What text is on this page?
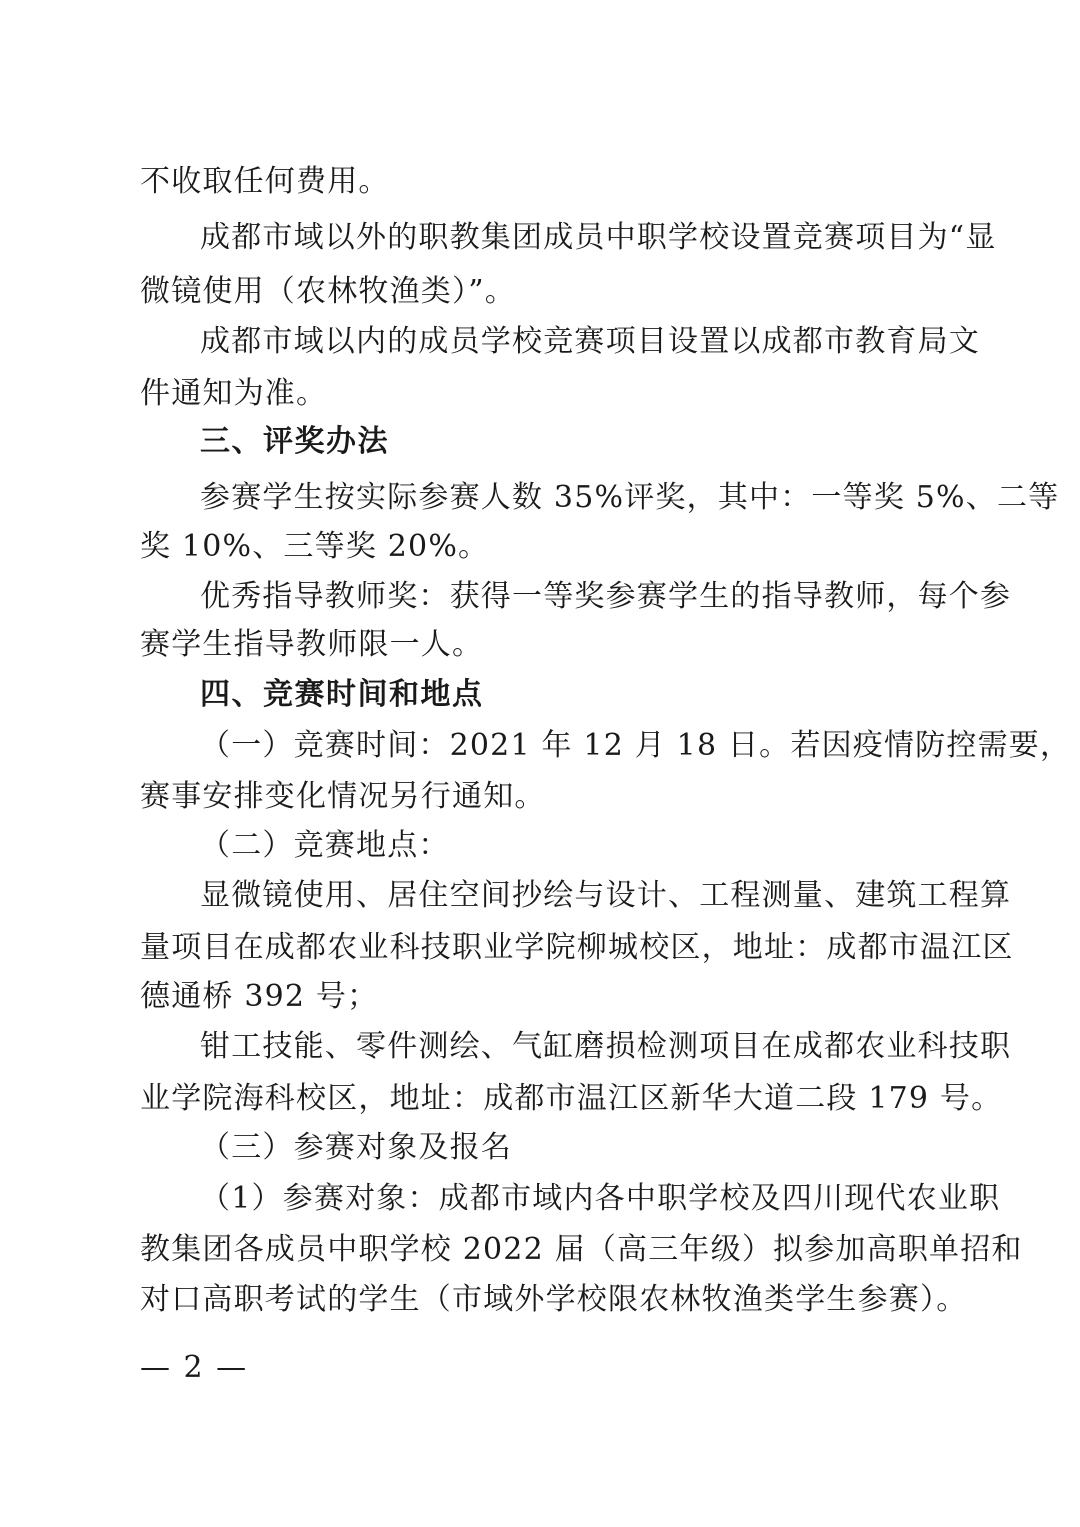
不收取任何费用。
成都市域以外的职教集团成员中职学校设置竞赛项目为“显
微镜使用（农林牧渔类）”。
成都市域以内的成员学校竞赛项目设置以成都市教育局文
件通知为准。
三、评奖办法
参赛学生按实际参赛人数 35%评奖，其中：一等奖 5%、二等
奖 10%、三等奖 20%。
优秀指导教师奖：获得一等奖参赛学生的指导教师，每个参
赛学生指导教师限一人。
四、竞赛时间和地点
（一）竞赛时间：2021 年 12 月 18 日。若因疫情防控需要，
赛事安排变化情况另行通知。
（二）竞赛地点：
显微镜使用、居住空间抄绘与设计、工程测量、建筑工程算
量项目在成都农业科技职业学院柳城校区，地址：成都市温江区
德通桥 392 号；
钳工技能、零件测绘、气缸磨损检测项目在成都农业科技职
业学院海科校区，地址：成都市温江区新华大道二段 179 号。
（三）参赛对象及报名
（1）参赛对象：成都市域内各中职学校及四川现代农业职
教集团各成员中职学校 2022 届（高三年级）拟参加高职单招和
对口高职考试的学生（市域外学校限农林牧渔类学生参赛）。
— 2 —
